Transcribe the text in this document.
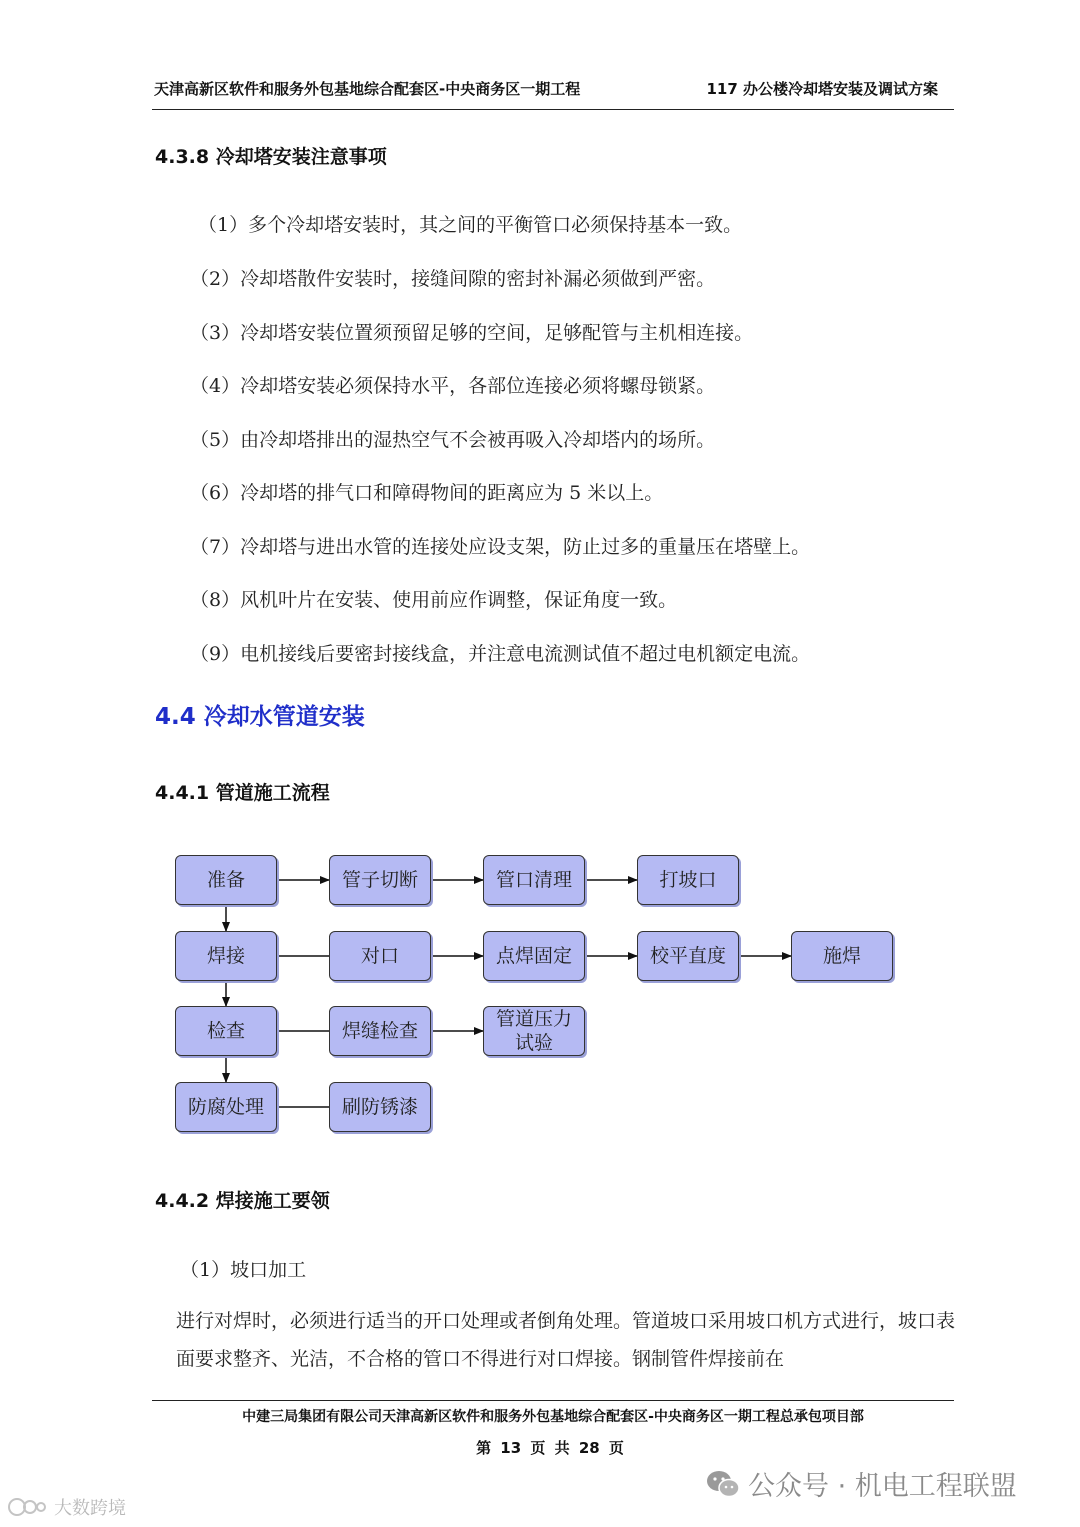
天津高新区软件和服务外包基地综合配套区-中央商务区一期工程	117 办公楼冷却塔安装及调试方案
4.3.8 冷却塔安装注意事项
（1）多个冷却塔安装时，其之间的平衡管口必须保持基本一致。
（2）冷却塔散件安装时，接缝间隙的密封补漏必须做到严密。
（3）冷却塔安装位置须预留足够的空间，足够配管与主机相连接。
（4）冷却塔安装必须保持水平，各部位连接必须将螺母锁紧。
（5）由冷却塔排出的湿热空气不会被再吸入冷却塔内的场所。
（6）冷却塔的排气口和障碍物间的距离应为 5 米以上。
（7）冷却塔与进出水管的连接处应设支架，防止过多的重量压在塔壁上。
（8）风机叶片在安装、使用前应作调整，保证角度一致。
（9）电机接线后要密封接线盒，并注意电流测试值不超过电机额定电流。
4.4 冷却水管道安装
4.4.1 管道施工流程
准备	管子切断	管口清理	打坡口
焊接	对口	点焊固定	校平直度	施焊
检查	焊缝检查
管道压力试验
防腐处理	刷防锈漆
4.4.2 焊接施工要领
（1）坡口加工
进行对焊时，必须进行适当的开口处理或者倒角处理。管道坡口采用坡口机方式进行，坡口表面要求整齐、光洁，不合格的管口不得进行对口焊接。钢制管件焊接前在
中建三局集团有限公司天津高新区软件和服务外包基地综合配套区-中央商务区一期工程总承包项目部
第 13 页 共 28 页
公众号 · 机电工程联盟
大数跨境
